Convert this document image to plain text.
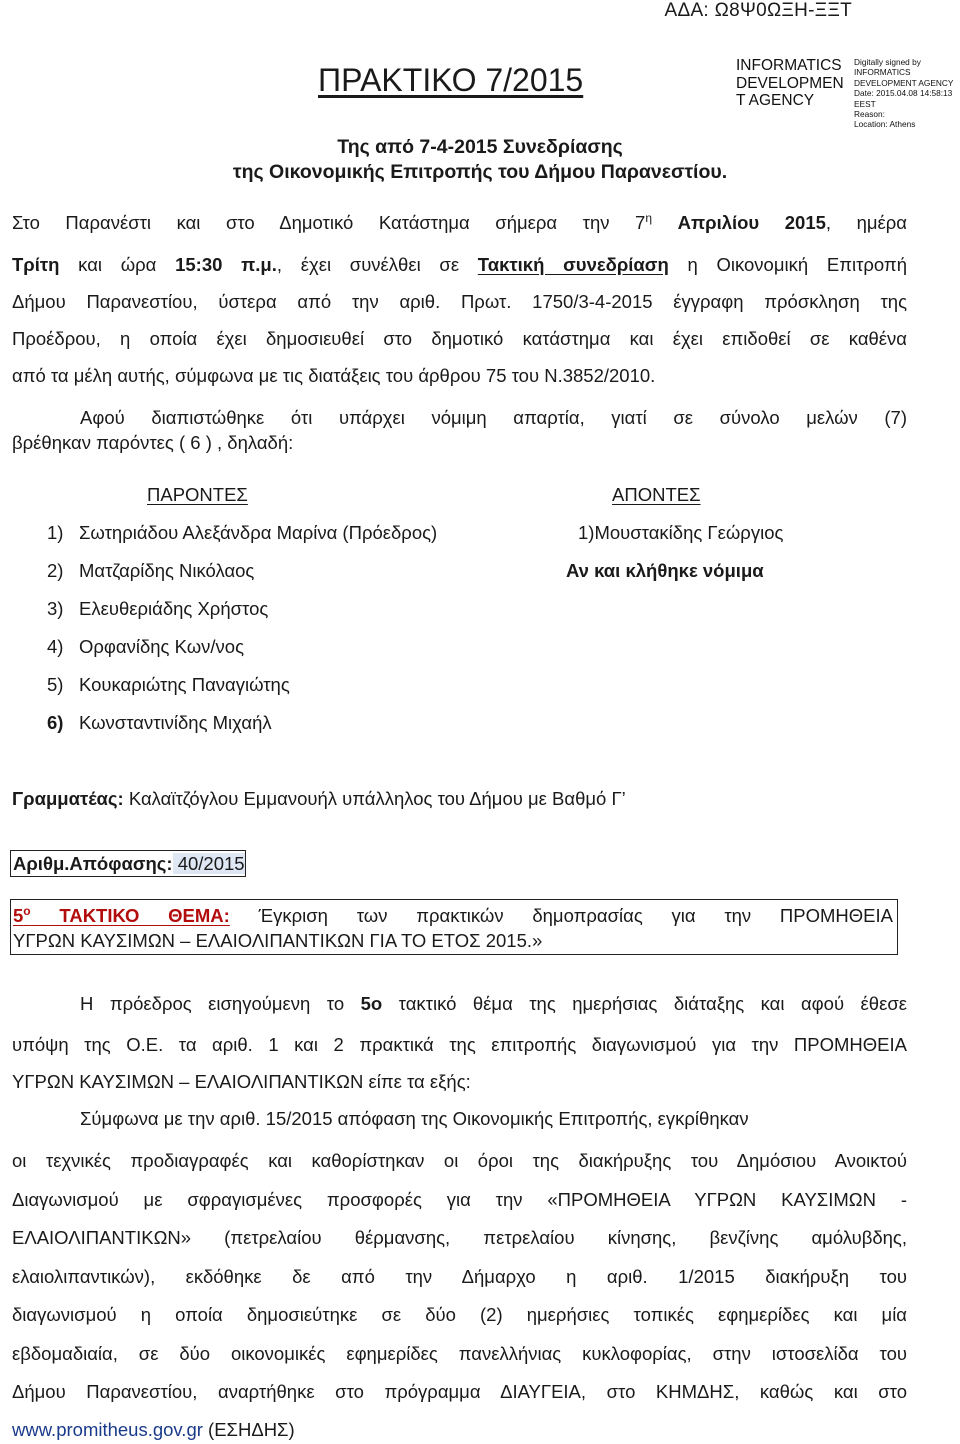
ΑΔΑ: Ω8Ψ0ΩΞΗ-ΞΞΤ
ΠΡΑΚΤΙΚΟ 7/2015	INFORMATICS
DEVELOPMEN
T AGENCY
Digitally signed by
INFORMATICS
DEVELOPMENT AGENCY
Date: 2015.04.08 14:58:13
EEST
Reason:
Location: Athens
Της από 7-4-2015 Συνεδρίασης
της Οικονομικής Επιτροπής του Δήμου Παρανεστίου.
Στο Παρανέστι και στο Δημοτικό Κατάστημα σήμερα την $7^\eta$ Απριλίου 2015, ημέρα
Τρίτη και ώρα 15:30 π.μ., έχει συνέλθει σε Τακτική συνεδρίαση η Οικονομική Επιτροπή
Δήμου Παρανεστίου, ύστερα από την αριθ. Πρωτ. 1750/3-4-2015 έγγραφη πρόσκληση της
Προέδρου, η οποία έχει δημοσιευθεί στο δημοτικό κατάστημα και έχει επιδοθεί σε καθένα
από τα μέλη αυτής, σύμφωνα με τις διατάξεις του άρθρου 75 του Ν.3852/2010.
Αφού διαπιστώθηκε ότι υπάρχει νόμιμη απαρτία, γιατί σε σύνολο μελών (7)
βρέθηκαν παρόντες ( 6 ) , δηλαδή:
ΠΑΡΟΝΤΕΣ	ΑΠΟΝΤΕΣ
1) Σωτηριάδου Αλεξάνδρα Μαρίνα (Πρόεδρος)
2) Ματζαρίδης Νικόλαος
3) Ελευθεριάδης Χρήστος
4) Ορφανίδης Κων/νος
5) Κουκαριώτης Παναγιώτης
6) Κωνσταντινίδης Μιχαήλ
1)Μουστακίδης Γεώργιος
Αν και κλήθηκε νόμιμα
Γραμματέας: Καλαϊτζόγλου Εμμανουήλ υπάλληλος του Δήμου με Βαθμό Γ’
Αριθμ.Απόφασης: 40/2015
$5^o$ ΤΑΚΤΙΚΟ ΘΕΜΑ: Έγκριση των πρακτικών δημοπρασίας για την ΠΡΟΜΗΘΕΙΑ
ΥΓΡΩΝ ΚΑΥΣΙΜΩΝ – ΕΛΑΙΟΛΙΠΑΝΤΙΚΩΝ ΓΙΑ ΤΟ ΕΤΟΣ 2015.»
Η πρόεδρος εισηγούμενη το 5ο τακτικό θέμα της ημερήσιας διάταξης και αφού έθεσε
υπόψη της Ο.Ε. τα αριθ. 1 και 2 πρακτικά της επιτροπής διαγωνισμού για την ΠΡΟΜΗΘΕΙΑ
ΥΓΡΩΝ ΚΑΥΣΙΜΩΝ – ΕΛΑΙΟΛΙΠΑΝΤΙΚΩΝ είπε τα εξής:
Σύμφωνα με την αριθ. 15/2015 απόφαση της Οικονομικής Επιτροπής, εγκρίθηκαν
οι τεχνικές προδιαγραφές και καθορίστηκαν οι όροι της διακήρυξης του Δημόσιου Ανοικτού
Διαγωνισμού με σφραγισμένες προσφορές για την «ΠΡΟΜΗΘΕΙΑ ΥΓΡΩΝ ΚΑΥΣΙΜΩΝ -
ΕΛΑΙΟΛΙΠΑΝΤΙΚΩΝ» (πετρελαίου θέρμανσης, πετρελαίου κίνησης, βενζίνης αμόλυβδης,
ελαιολιπαντικών), εκδόθηκε δε από την Δήμαρχο η αριθ. 1/2015 διακήρυξη του
διαγωνισμού η οποία δημοσιεύτηκε σε δύο (2) ημερήσιες τοπικές εφημερίδες και μία
εβδομαδιαία, σε δύο οικονομικές εφημερίδες πανελλήνιας κυκλοφορίας, στην ιστοσελίδα του
Δήμου Παρανεστίου, αναρτήθηκε στο πρόγραμμα ΔΙΑΥΓΕΙΑ, στο ΚΗΜΔΗΣ, καθώς και στο
www.promitheus.gov.gr (ΕΣΗΔΗΣ)
